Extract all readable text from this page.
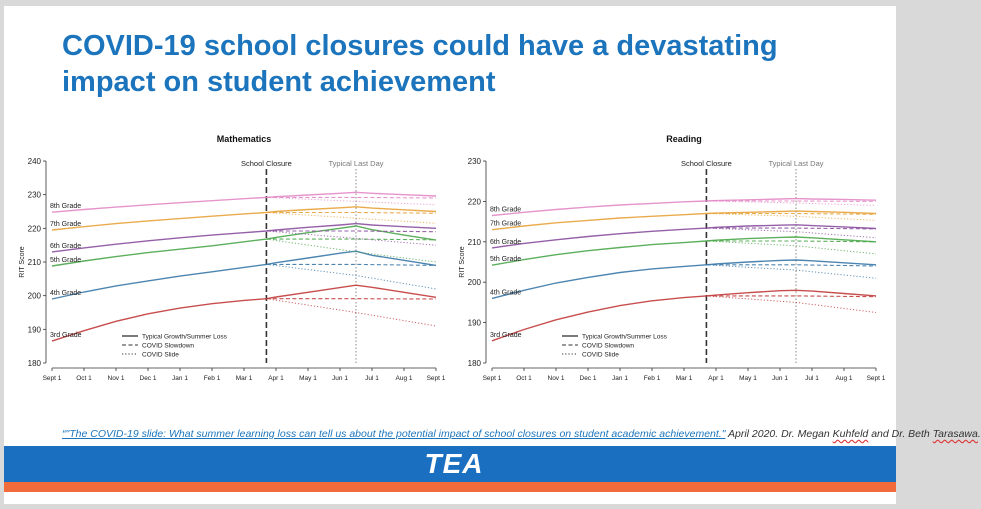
COVID-19 school closures could have a devastating impact on student achievement
Mathematics
180
190
200
210
220
230
240
Sept 1 Oct 1 Nov 1 Dec 1 Jan 1 Feb 1 Mar 1 Apr 1 May 1 Jun 1	Jul 1	Aug 1 Sept 1
RIT Score
School Closure	Typical Last Day
3rd Grade
4th Grade
5th Grade
6th Grade
7th Grade
8th Grade
Typical Growth/Summer Loss
COVID Slowdown
COVID Slide
Reading
180
190
200
210
220
230
Sept 1 Oct 1 Nov 1 Dec 1 Jan 1 Feb 1 Mar 1 Apr 1 May 1 Jun 1	Jul 1	Aug 1 Sept 1
RIT Score
School Closure	Typical Last Day
3rd Grade
4th Grade
5th Grade
6th Grade
7th Grade
8th Grade
Typical Growth/Summer Loss
COVID Slowdown
COVID Slide
“"The COVID-19 slide: What summer learning loss can tell us about the potential impact of school closures on student academic achievement." April 2020. Dr. Megan Kuhfeld and Dr. Beth Tarasawa.
TEA
